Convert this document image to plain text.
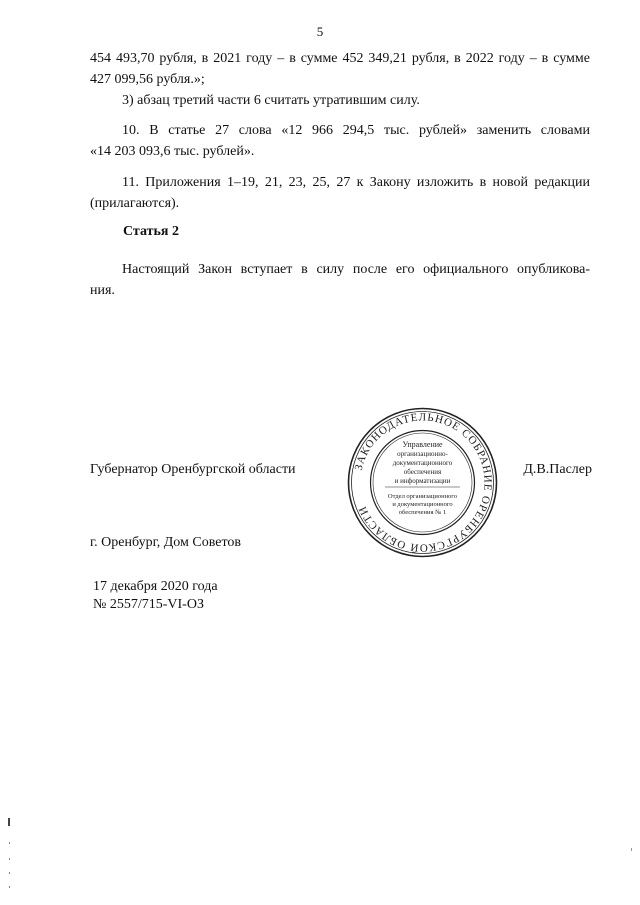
5

454 493,70 рубля, в 2021 году – в сумме 452 349,21 рубля, в 2022 году – в сумме

427 099,56 рубля.»;

3) абзац третий части 6 считать утратившим силу.

10. В статье 27 слова «12 966 294,5 тыс. рублей» заменить словами

«14 203 093,6 тыс. рублей».

11. Приложения 1–19, 21, 23, 25, 27 к Закону изложить в новой редакции

(прилагаются).

Статья 2

Настоящий Закон вступает в силу после его официального опубликова-

ния.

Губернатор Оренбургской области	ЗАКОНОДАТЕЛЬНОЕ СОБРАНИЕ ОРЕНБУРГСКОЙ ОБЛАСТИ
Управление
организационно-
документационного
обеспечения
и информатизации
Отдел организационного
и документационного
обеспечения № 1
Д.В.Паслер
г. Оренбург, Дом Советов
17 декабря 2020 года
№ 2557/715-VI-ОЗ
